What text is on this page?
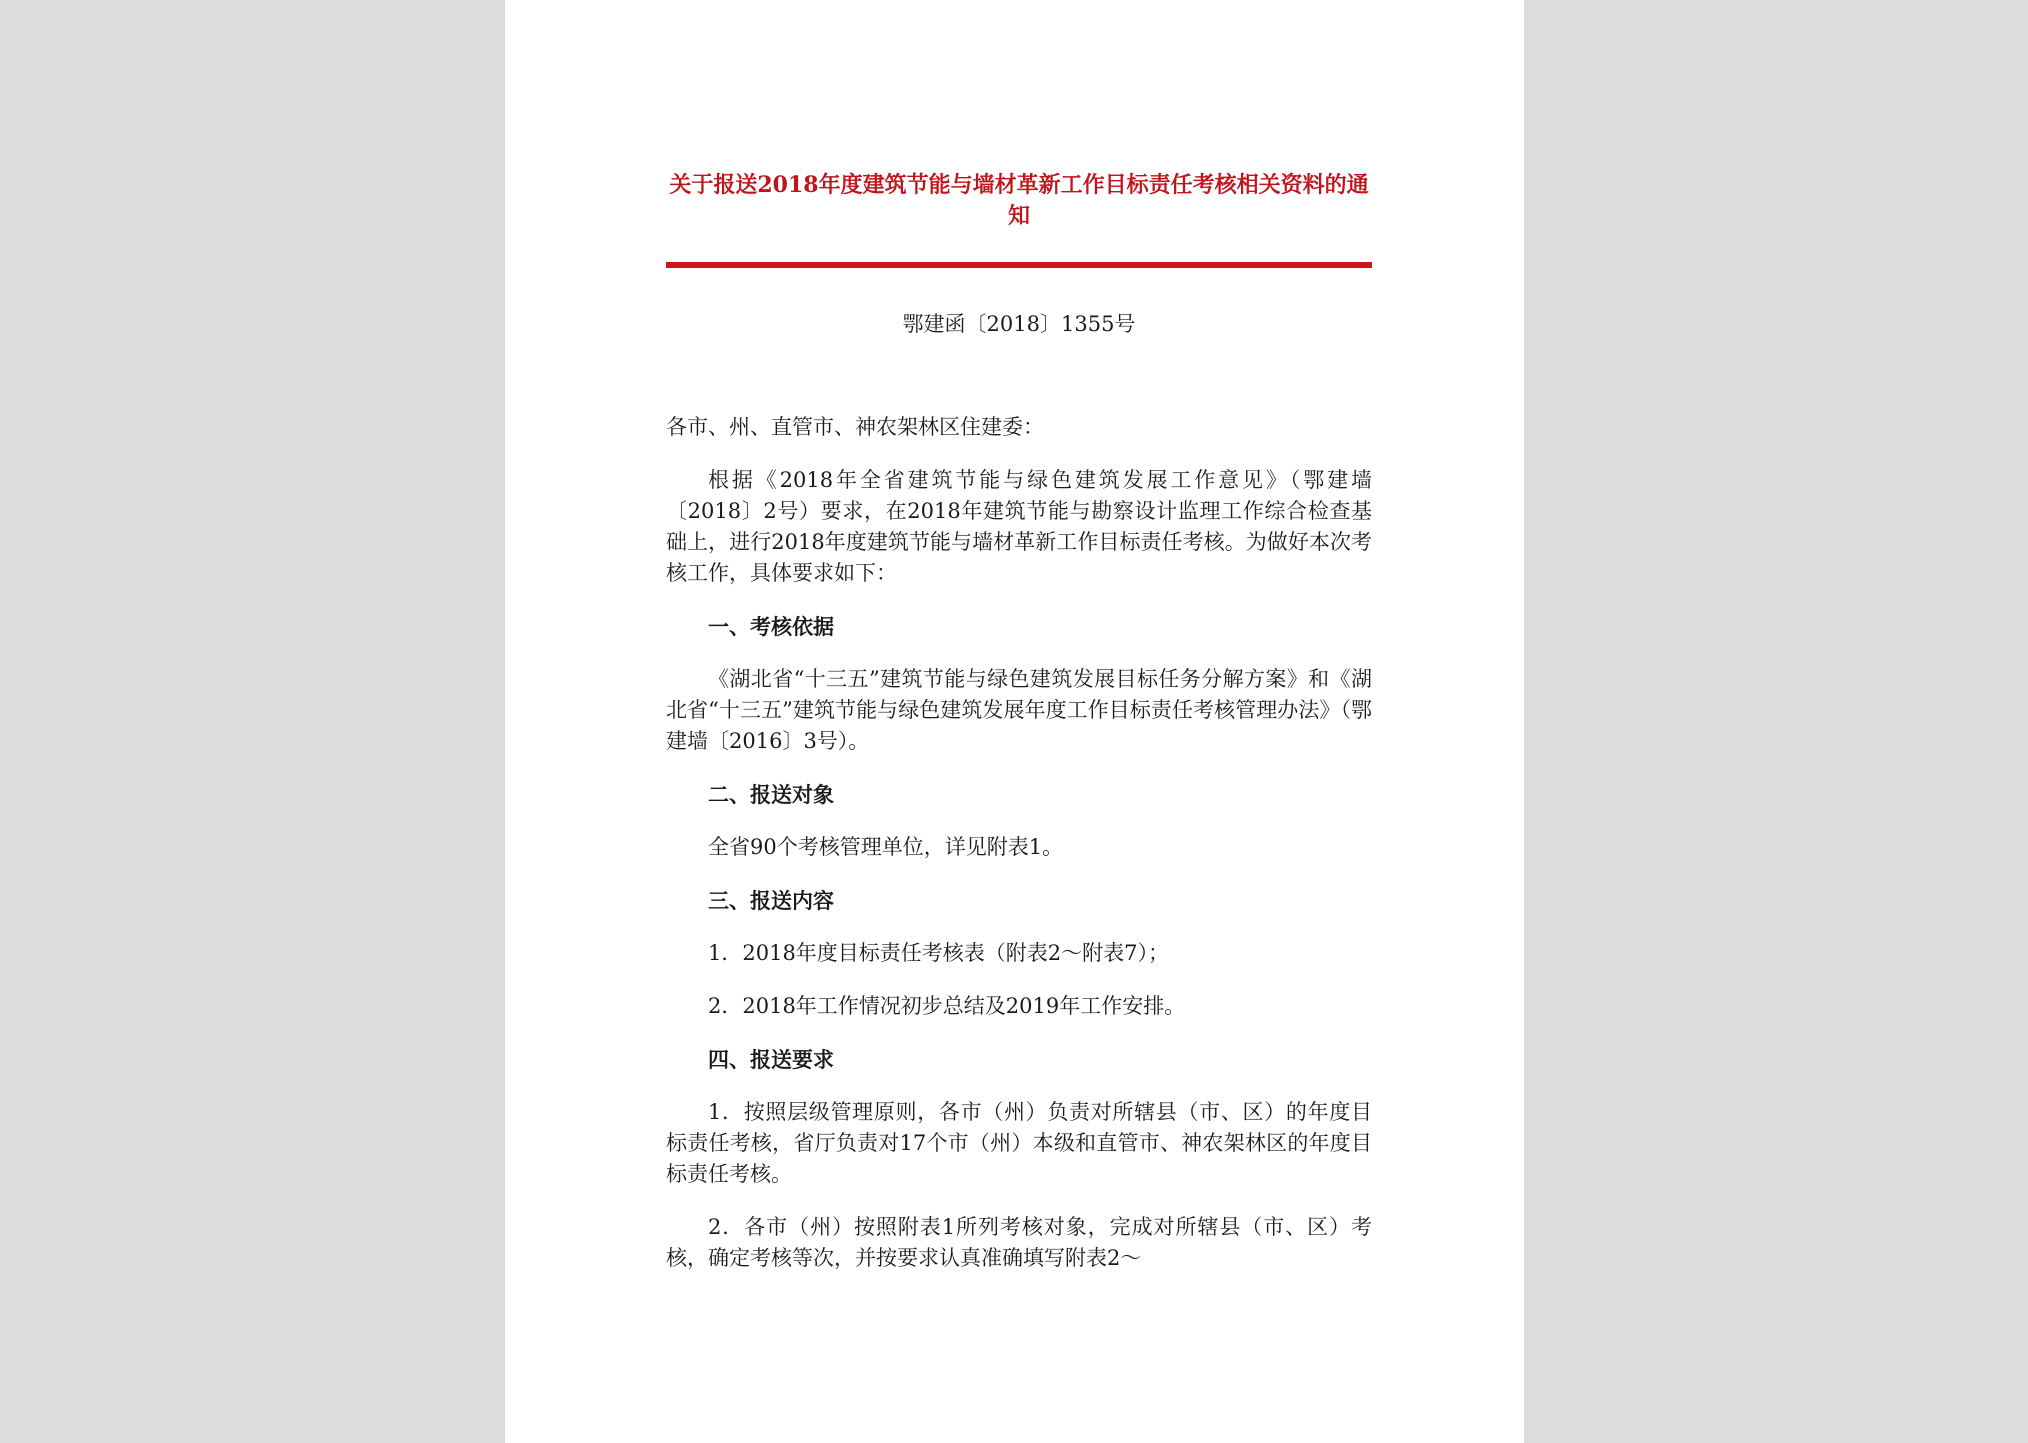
关于报送2018年度建筑节能与墙材革新工作目标责任考核相关资料的通知
鄂建函〔2018〕1355号
各市、州、直管市、神农架林区住建委：

根据《2018年全省建筑节能与绿色建筑发展工作意见》（鄂建墙〔2018〕2号）要求，在2018年建筑节能与勘察设计监理工作综合检查基础上，进行2018年度建筑节能与墙材革新工作目标责任考核。为做好本次考核工作，具体要求如下：

一、考核依据

《湖北省“十三五”建筑节能与绿色建筑发展目标任务分解方案》和《湖北省“十三五”建筑节能与绿色建筑发展年度工作目标责任考核管理办法》（鄂建墙〔2016〕3号）。

二、报送对象

全省90个考核管理单位，详见附表1。

三、报送内容

1．2018年度目标责任考核表（附表2～附表7）；

2．2018年工作情况初步总结及2019年工作安排。

四、报送要求

1．按照层级管理原则，各市（州）负责对所辖县（市、区）的年度目标责任考核，省厅负责对17个市（州）本级和直管市、神农架林区的年度目标责任考核。

2．各市（州）按照附表1所列考核对象，完成对所辖县（市、区）考核，确定考核等次，并按要求认真准确填写附表2～
